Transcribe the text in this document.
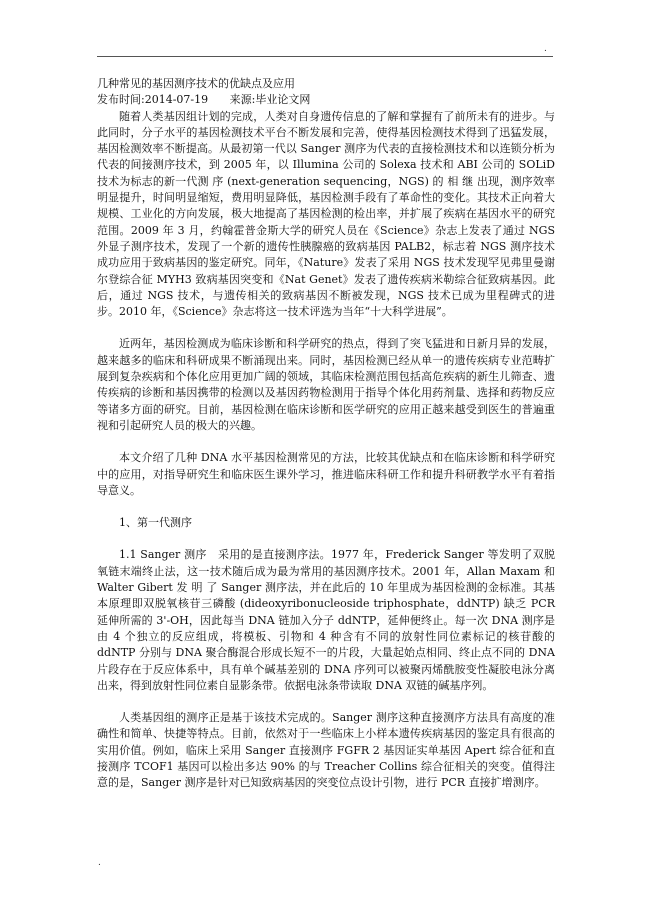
.

几种常见的基因测序技术的优缺点及应用

发布时间:2014-07-19 来源:毕业论文网

随着人类基因组计划的完成，人类对自身遗传信息的了解和掌握有了前所未有的进步。与此同时，分子水平的基因检测技术平台不断发展和完善，使得基因检测技术得到了迅猛发展，基因检测效率不断提高。从最初第一代以 Sanger 测序为代表的直接检测技术和以连锁分析为代表的间接测序技术，到 2005 年，以 Illumina 公司的 Solexa 技术和 ABI 公司的 SOLiD 技术为标志的新一代测 序 (next-generation sequencing，NGS) 的 相 继 出现，测序效率明显提升，时间明显缩短，费用明显降低，基因检测手段有了革命性的变化。其技术正向着大规模、工业化的方向发展，极大地提高了基因检测的检出率，并扩展了疾病在基因水平的研究范围。2009 年 3 月，约翰霍普金斯大学的研究人员在《Science》杂志上发表了通过 NGS 外显子测序技术，发现了一个新的遗传性胰腺癌的致病基因 PALB2，标志着 NGS 测序技术成功应用于致病基因的鉴定研究。同年，《Nature》发表了采用 NGS 技术发现罕见弗里曼谢尔登综合征 MYH3 致病基因突变和《Nat Genet》发表了遗传疾病米勒综合征致病基因。此后，通过 NGS 技术，与遗传相关的致病基因不断被发现，NGS 技术已成为里程碑式的进步。2010 年，《Science》杂志将这一技术评选为当年“十大科学进展”。

近两年，基因检测成为临床诊断和科学研究的热点，得到了突飞猛进和日新月异的发展，越来越多的临床和科研成果不断涌现出来。同时，基因检测已经从单一的遗传疾病专业范畴扩展到复杂疾病和个体化应用更加广阔的领域，其临床检测范围包括高危疾病的新生儿筛查、遗传疾病的诊断和基因携带的检测以及基因药物检测用于指导个体化用药剂量、选择和药物反应等诸多方面的研究。目前，基因检测在临床诊断和医学研究的应用正越来越受到医生的普遍重视和引起研究人员的极大的兴趣。

本文介绍了几种 DNA 水平基因检测常见的方法，比较其优缺点和在临床诊断和科学研究中的应用，对指导研究生和临床医生课外学习，推进临床科研工作和提升科研教学水平有着指导意义。

1、第一代测序

1.1 Sanger 测序　采用的是直接测序法。1977 年，Frederick Sanger 等发明了双脱氧链末端终止法，这一技术随后成为最为常用的基因测序技术。2001 年，Allan Maxam 和 Walter Gibert 发 明 了 Sanger 测序法，并在此后的 10 年里成为基因检测的金标准。其基本原理即双脱氧核苷三磷酸 (dideoxyribonucleoside triphosphate，ddNTP) 缺乏 PCR 延伸所需的 3'-OH，因此每当 DNA 链加入分子 ddNTP，延伸便终止。每一次 DNA 测序是由 4 个独立的反应组成，将模板、引物和 4 种含有不同的放射性同位素标记的核苷酸的 ddNTP 分别与 DNA 聚合酶混合形成长短不一的片段，大量起始点相同、终止点不同的 DNA 片段存在于反应体系中，具有单个碱基差别的 DNA 序列可以被聚丙烯酰胺变性凝胶电泳分离出来，得到放射性同位素自显影条带。依据电泳条带读取 DNA 双链的碱基序列。

人类基因组的测序正是基于该技术完成的。Sanger 测序这种直接测序方法具有高度的准确性和简单、快捷等特点。目前，依然对于一些临床上小样本遗传疾病基因的鉴定具有很高的实用价值。例如，临床上采用 Sanger 直接测序 FGFR 2 基因证实单基因 Apert 综合征和直接测序 TCOF1 基因可以检出多达 90% 的与 Treacher Collins 综合征相关的突变。值得注意的是，Sanger 测序是针对已知致病基因的突变位点设计引物，进行 PCR 直接扩增测序。

.
